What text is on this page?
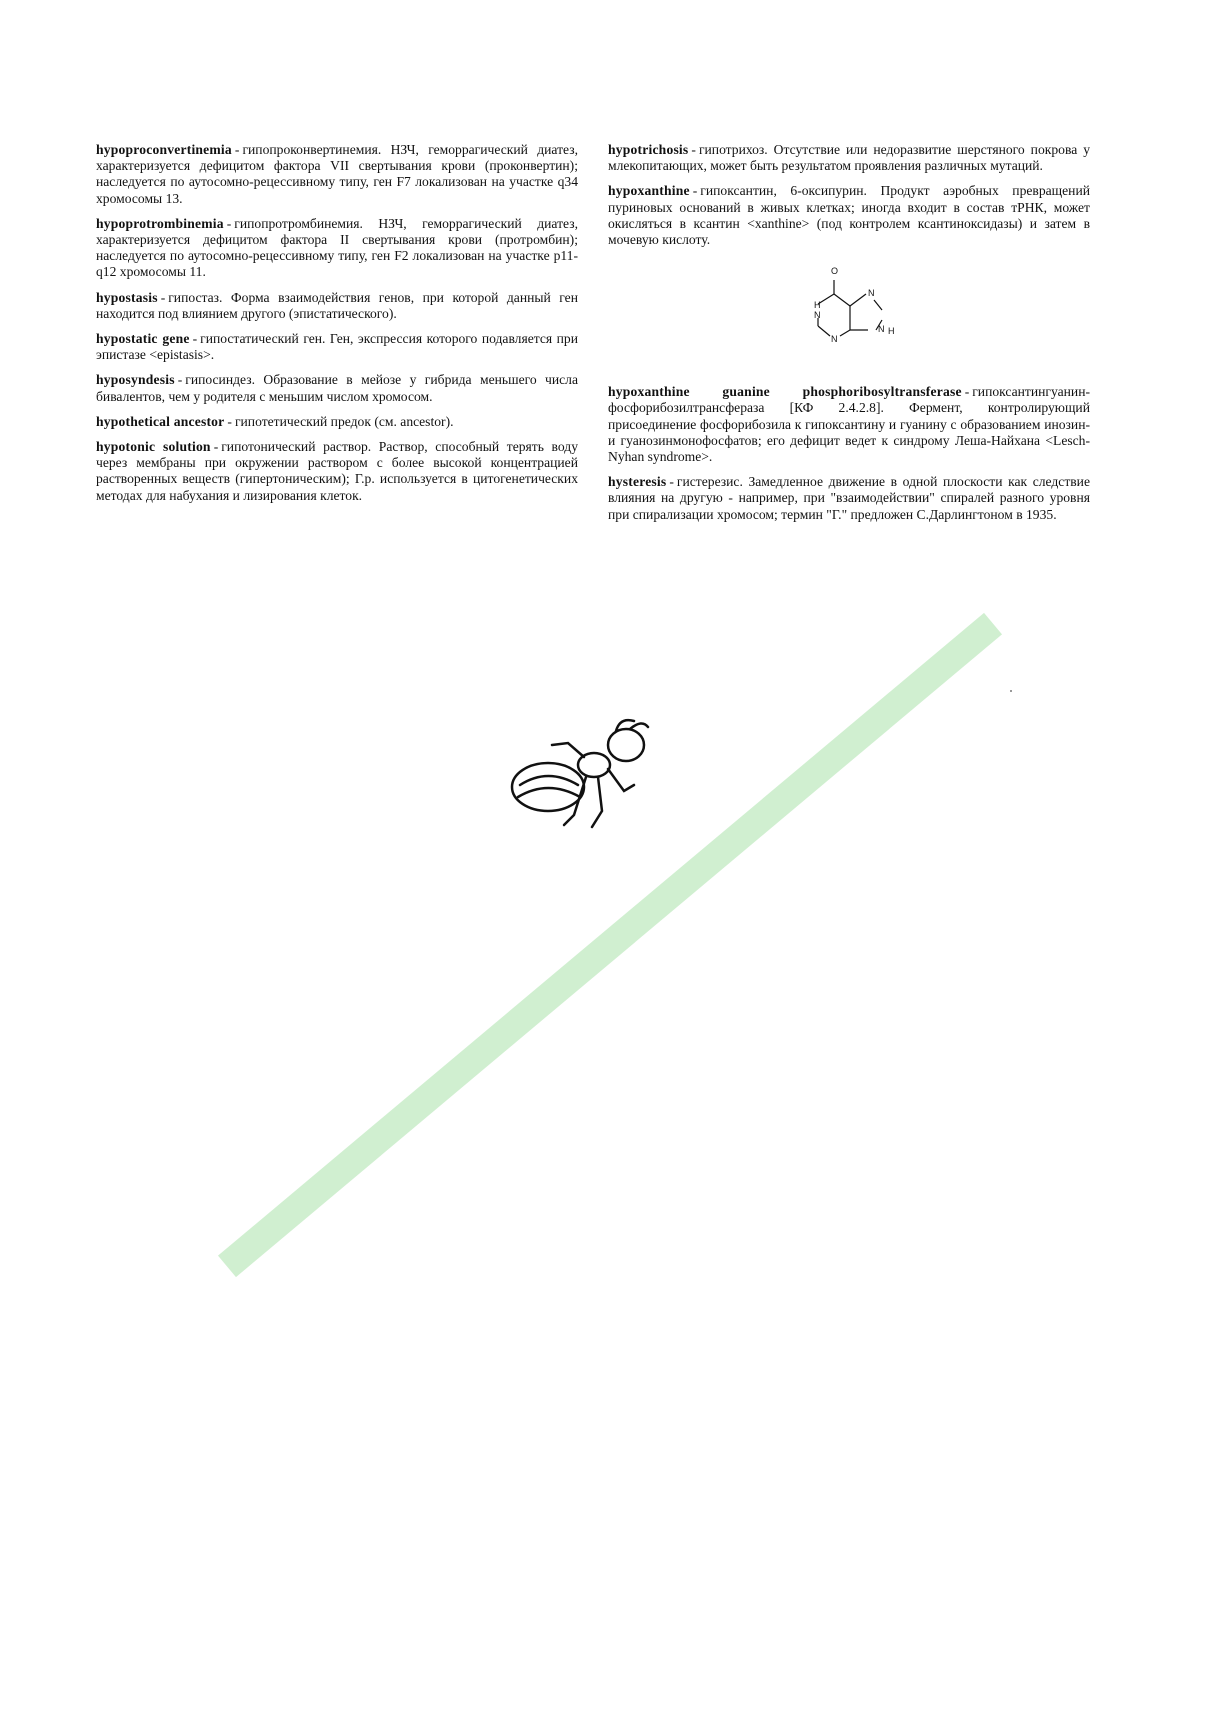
hypoproconvertinemia - гипопроконвертинемия. НЗЧ, геморрагический диатез, характеризуется дефицитом фактора VII свертывания крови (проконвертин); наследуется по аутосомно-рецессивному типу, ген F7 локализован на участке q34 хромосомы 13.

hypoprotrombinemia - гипопротромбинемия. НЗЧ, геморрагический диатез, характеризуется дефицитом фактора II свертывания крови (протромбин); наследуется по аутосомно-рецессивному типу, ген F2 локализован на участке p11-q12 хромосомы 11.

hypostasis - гипостаз. Форма взаимодействия генов, при которой данный ген находится под влиянием другого (эпистатического).

hypostatic gene - гипостатический ген. Ген, экспрессия которого подавляется при эпистазе <epistasis>.

hyposyndesis - гипосиндез. Образование в мейозе у гибрида меньшего числа бивалентов, чем у родителя с меньшим числом хромосом.

hypothetical ancestor - гипотетический предок (см. ancestor).

hypotonic solution - гипотонический раствор. Раствор, способный терять воду через мембраны при окружении раствором с более высокой концентрацией растворенных веществ (гипертоническим); Г.р. используется в цитогенетических методах для набухания и лизирования клеток.

hypotrichosis - гипотрихоз. Отсутствие или недоразвитие шерстяного покрова у млекопитающих, может быть результатом проявления различных мутаций.

hypoxanthine - гипоксантин, 6-оксипурин. Продукт аэробных превращений пуриновых оснований в живых клетках; иногда входит в состав тРНК, может окисляться в ксантин <xanthine> (под контролем ксантиноксидазы) и затем в мочевую кислоту.

O
N
H
N
N
N H

hypoxanthine guanine phosphoribosyltransferase - гипоксантингуанин-фосфорибозилтрансфераза [КФ 2.4.2.8]. Фермент, контролирующий присоединение фосфорибозила к гипоксантину и гуанину с образованием инозин- и гуанозинмонофосфатов; его дефицит ведет к синдрому Леша-Найхана <Lesch-Nyhan syndrome>.

hysteresis - гистерезис. Замедленное движение в одной плоскости как следствие влияния на другую - например, при "взаимодействии" спиралей разного уровня при спирализации хромосом; термин "Г." предложен С.Дарлингтоном в 1935.
